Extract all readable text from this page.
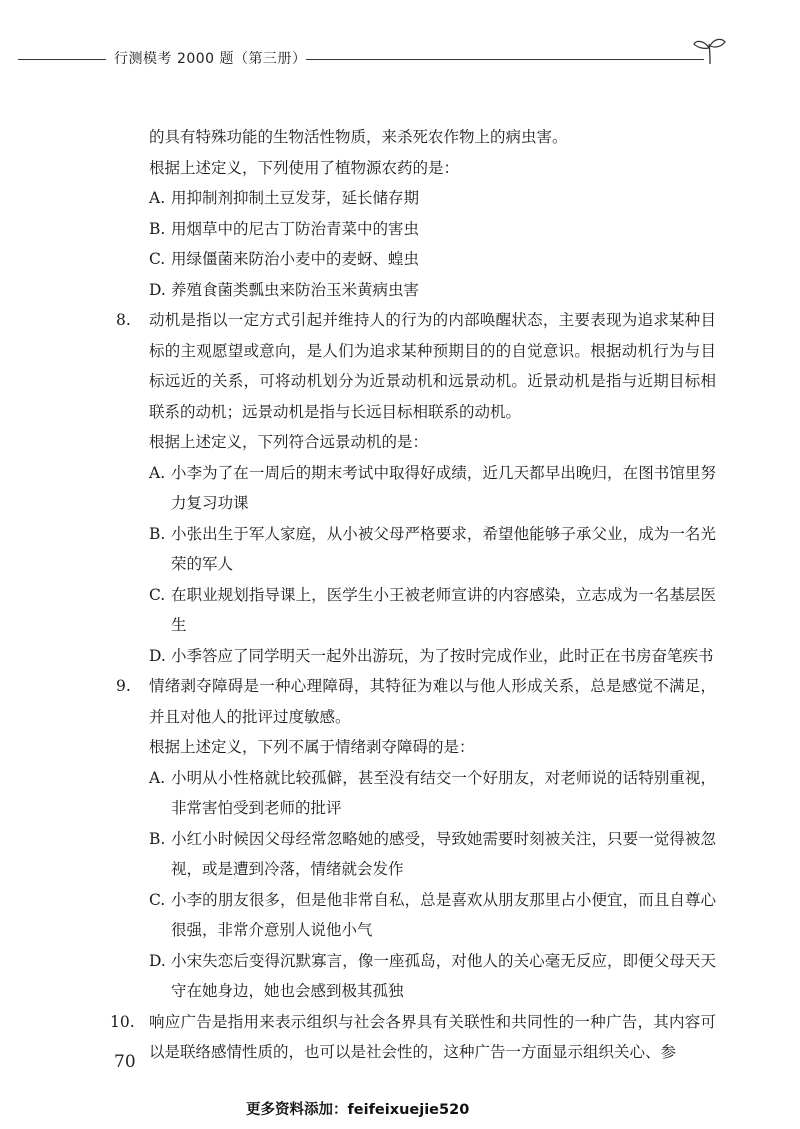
行测模考 2000 题（第三册）
的具有特殊功能的生物活性物质，来杀死农作物上的病虫害。
根据上述定义，下列使用了植物源农药的是：
A. 用抑制剂抑制土豆发芽，延长储存期
B. 用烟草中的尼古丁防治青菜中的害虫
C. 用绿僵菌来防治小麦中的麦蚜、蝗虫
D. 养殖食菌类瓢虫来防治玉米黄病虫害
8. 动机是指以一定方式引起并维持人的行为的内部唤醒状态，主要表现为追求某种目标的主观愿望或意向，是人们为追求某种预期目的的自觉意识。根据动机行为与目标远近的关系，可将动机划分为近景动机和远景动机。近景动机是指与近期目标相联系的动机；远景动机是指与长远目标相联系的动机。
根据上述定义，下列符合远景动机的是：
A. 小李为了在一周后的期末考试中取得好成绩，近几天都早出晚归，在图书馆里努力复习功课
B. 小张出生于军人家庭，从小被父母严格要求，希望他能够子承父业，成为一名光荣的军人
C. 在职业规划指导课上，医学生小王被老师宣讲的内容感染，立志成为一名基层医生
D. 小季答应了同学明天一起外出游玩，为了按时完成作业，此时正在书房奋笔疾书
9. 情绪剥夺障碍是一种心理障碍，其特征为难以与他人形成关系，总是感觉不满足，并且对他人的批评过度敏感。
根据上述定义，下列不属于情绪剥夺障碍的是：
A. 小明从小性格就比较孤僻，甚至没有结交一个好朋友，对老师说的话特别重视，非常害怕受到老师的批评
B. 小红小时候因父母经常忽略她的感受，导致她需要时刻被关注，只要一觉得被忽视，或是遭到冷落，情绪就会发作
C. 小李的朋友很多，但是他非常自私，总是喜欢从朋友那里占小便宜，而且自尊心很强，非常介意别人说他小气
D. 小宋失恋后变得沉默寡言，像一座孤岛，对他人的关心毫无反应，即便父母天天守在她身边，她也会感到极其孤独
10. 响应广告是指用来表示组织与社会各界具有关联性和共同性的一种广告，其内容可以是联络感情性质的，也可以是社会性的，这种广告一方面显示组织关心、参
70
更多资料添加：feifeixuejie520
